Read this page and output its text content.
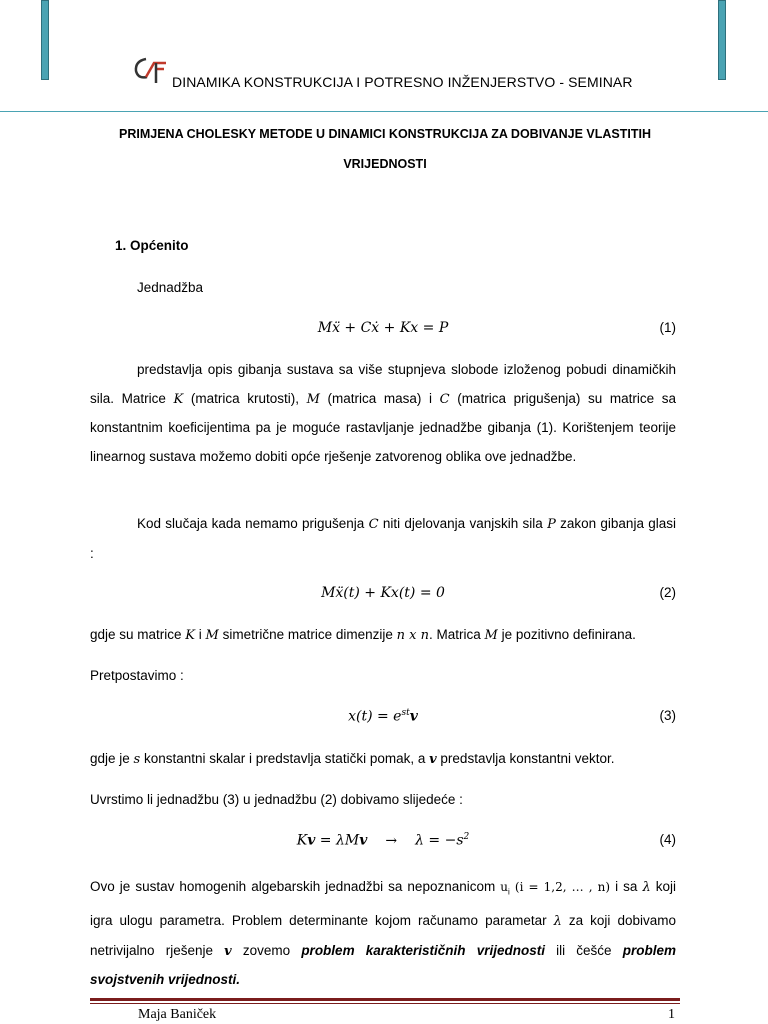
DINAMIKA KONSTRUKCIJA I POTRESNO INŽENJERSTVO - SEMINAR
PRIMJENA CHOLESKY METODE U DINAMICI KONSTRUKCIJA ZA DOBIVANJE VLASTITIH
VRIJEDNOSTI
1. Općenito
Jednadžba
Mẍ + Cẋ + Kx = P	(1)
predstavlja opis gibanja sustava sa više stupnjeva slobode izloženog pobudi dinamičkih sila. Matrice K (matrica krutosti), M (matrica masa) i C (matrica prigušenja) su matrice sa konstantnim koeficijentima pa je moguće rastavljanje jednadžbe gibanja (1). Korištenjem teorije linearnog sustava možemo dobiti opće rješenje zatvorenog oblika ove jednadžbe.
Kod slučaja kada nemamo prigušenja C niti djelovanja vanjskih sila P zakon gibanja glasi :
Mẍ(t) + Kx(t) = 0	(2)
gdje su matrice K i M simetrične matrice dimenzije n x n. Matrica M je pozitivno definirana.
Pretpostavimo :
$x(t) = e^{st}v$	(3)
gdje je s konstantni skalar i predstavlja statički pomak, a v predstavlja konstantni vektor.
Uvrstimo li jednadžbu (3) u jednadžbu (2) dobivamo slijedeće :
$Kv = \lambda Mv \to \lambda = -s^2$	(4)
Ovo je sustav homogenih algebarskih jednadžbi sa nepoznanicom $u_i$ (i = 1,2, … , n) i sa λ koji igra ulogu parametra. Problem determinante kojom računamo parametar λ za koji dobivamo netrivijalno rješenje v zovemo problem karakterističnih vrijednosti ili češće problem svojstvenih vrijednosti.
Maja Baniček	1
